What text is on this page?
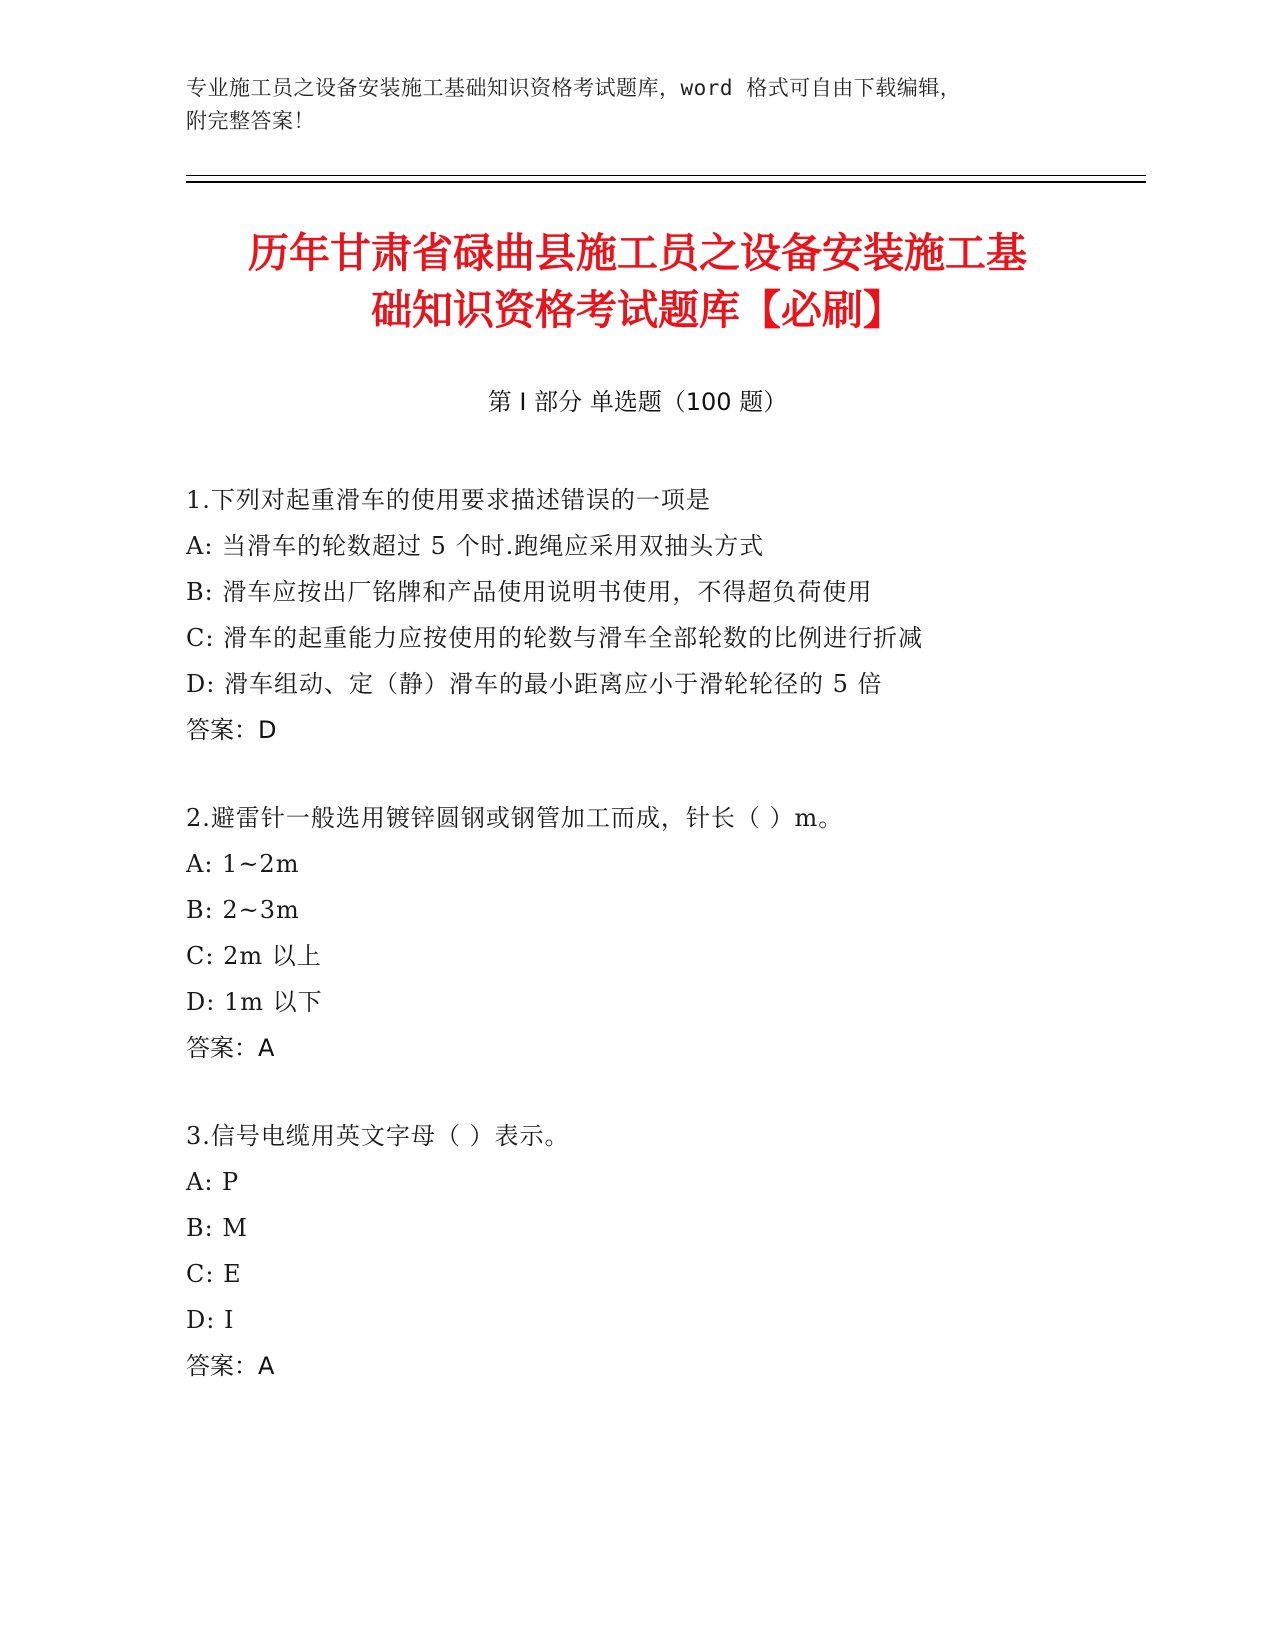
专业施工员之设备安装施工基础知识资格考试题库，word 格式可自由下载编辑，
附完整答案！
历年甘肃省碌曲县施工员之设备安装施工基
础知识资格考试题库【必刷】
第 I 部分 单选题（100 题）
1.下列对起重滑车的使用要求描述错误的一项是
A: 当滑车的轮数超过 5 个时.跑绳应采用双抽头方式
B: 滑车应按出厂铭牌和产品使用说明书使用，不得超负荷使用
C: 滑车的起重能力应按使用的轮数与滑车全部轮数的比例进行折减
D: 滑车组动、定（静）滑车的最小距离应小于滑轮轮径的 5 倍
答案：D
2.避雷针一般选用镀锌圆钢或钢管加工而成，针长（ ）m。
A: 1~2m
B: 2~3m
C: 2m 以上
D: 1m 以下
答案：A
3.信号电缆用英文字母（ ）表示。
A: P
B: M
C: E
D: I
答案：A
